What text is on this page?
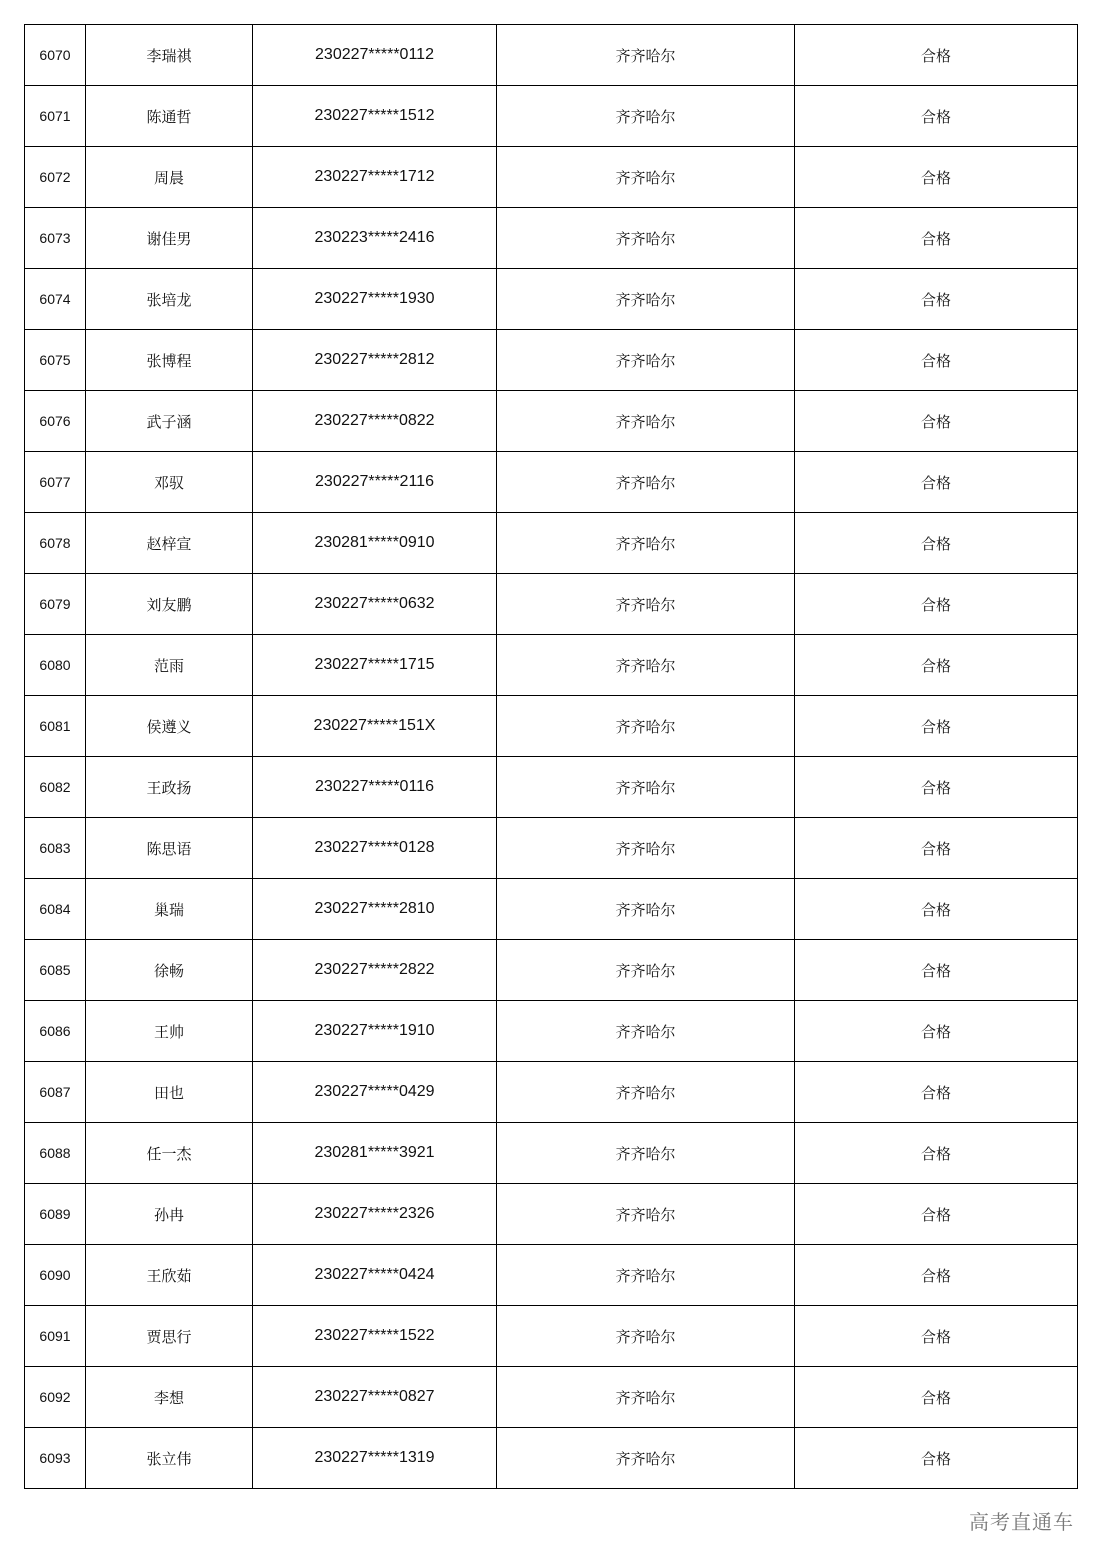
6070	李瑞祺	230227*****0112	齐齐哈尔	合格
6071	陈通哲	230227*****1512	齐齐哈尔	合格
6072	周晨	230227*****1712	齐齐哈尔	合格
6073	谢佳男	230223*****2416	齐齐哈尔	合格
6074	张培龙	230227*****1930	齐齐哈尔	合格
6075	张博程	230227*****2812	齐齐哈尔	合格
6076	武子涵	230227*****0822	齐齐哈尔	合格
6077	邓驭	230227*****2116	齐齐哈尔	合格
6078	赵梓宣	230281*****0910	齐齐哈尔	合格
6079	刘友鹏	230227*****0632	齐齐哈尔	合格
6080	范雨	230227*****1715	齐齐哈尔	合格
6081	侯遵义	230227*****151X	齐齐哈尔	合格
6082	王政扬	230227*****0116	齐齐哈尔	合格
6083	陈思语	230227*****0128	齐齐哈尔	合格
6084	巢瑞	230227*****2810	齐齐哈尔	合格
6085	徐畅	230227*****2822	齐齐哈尔	合格
6086	王帅	230227*****1910	齐齐哈尔	合格
6087	田也	230227*****0429	齐齐哈尔	合格
6088	任一杰	230281*****3921	齐齐哈尔	合格
6089	孙冉	230227*****2326	齐齐哈尔	合格
6090	王欣茹	230227*****0424	齐齐哈尔	合格
6091	贾思行	230227*****1522	齐齐哈尔	合格
6092	李想	230227*****0827	齐齐哈尔	合格
6093	张立伟	230227*****1319	齐齐哈尔	合格
高考直通车
